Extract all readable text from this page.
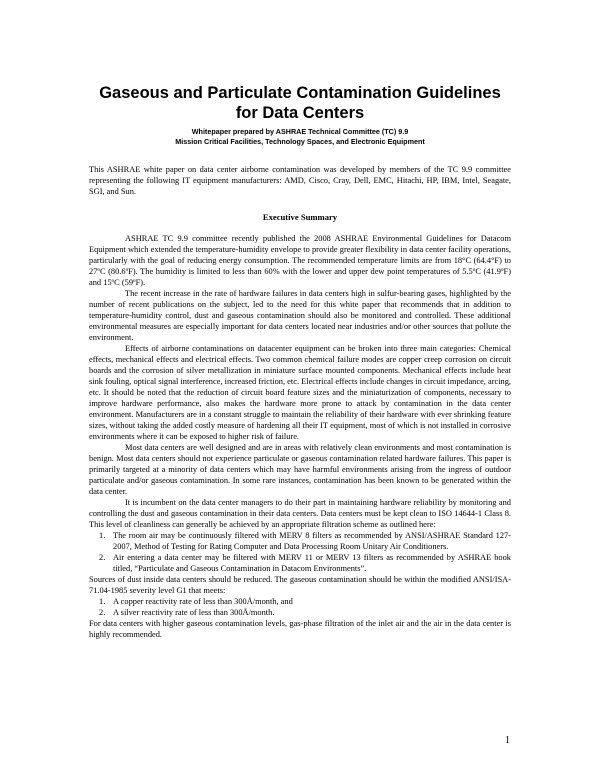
Gaseous and Particulate Contamination Guidelines
for Data Centers
Whitepaper prepared by ASHRAE Technical Committee (TC) 9.9
Mission Critical Facilities, Technology Spaces, and Electronic Equipment

This ASHRAE white paper on data center airborne contamination was developed by members of the TC 9.9 committee representing the following IT equipment manufacturers: AMD, Cisco, Cray, Dell, EMC, Hitachi, HP, IBM, Intel, Seagate, SGI, and Sun.

Executive Summary

ASHRAE TC 9.9 committee recently published the 2008 ASHRAE Environmental Guidelines for Datacom Equipment which extended the temperature-humidity envelope to provide greater flexibility in data center facility operations, particularly with the goal of reducing energy consumption. The recommended temperature limits are from 18°C (64.4°F) to 27ºC (80.6ºF). The humidity is limited to less than 60% with the lower and upper dew point temperatures of 5.5ºC (41.9ºF) and 15ºC (59ºF).

The recent increase in the rate of hardware failures in data centers high in sulfur-bearing gases, highlighted by the number of recent publications on the subject, led to the need for this white paper that recommends that in addition to temperature-humidity control, dust and gaseous contamination should also be monitored and controlled. These additional environmental measures are especially important for data centers located near industries and/or other sources that pollute the environment.

Effects of airborne contaminations on datacenter equipment can be broken into three main categories: Chemical effects, mechanical effects and electrical effects. Two common chemical failure modes are copper creep corrosion on circuit boards and the corrosion of silver metallization in miniature surface mounted components. Mechanical effects include heat sink fouling, optical signal interference, increased friction, etc. Electrical effects include changes in circuit impedance, arcing, etc. It should be noted that the reduction of circuit board feature sizes and the miniaturization of components, necessary to improve hardware performance, also makes the hardware more prone to attack by contamination in the data center environment. Manufacturers are in a constant struggle to maintain the reliability of their hardware with ever shrinking feature sizes, without taking the added costly measure of hardening all their IT equipment, most of which is not installed in corrosive environments where it can be exposed to higher risk of failure.

Most data centers are well designed and are in areas with relatively clean environments and most contamination is benign. Most data centers should not experience particulate or gaseous contamination related hardware failures. This paper is primarily targeted at a minority of data centers which may have harmful environments arising from the ingress of outdoor particulate and/or gaseous contamination. In some rare instances, contamination has been known to be generated within the data center.

It is incumbent on the data center managers to do their part in maintaining hardware reliability by monitoring and controlling the dust and gaseous contamination in their data centers. Data centers must be kept clean to ISO 14644-1 Class 8. This level of cleanliness can generally be achieved by an appropriate filtration scheme as outlined here:

1. The room air may be continuously filtered with MERV 8 filters as recommended by ANSI/ASHRAE Standard 127-2007, Method of Testing for Rating Computer and Data Processing Room Unitary Air Conditioners.
2. Air entering a data center may be filtered with MERV 11 or MERV 13 filters as recommended by ASHRAE book titled, “Particulate and Gaseous Contamination in Datacom Environments”.

Sources of dust inside data centers should be reduced. The gaseous contamination should be within the modified ANSI/ISA-71.04-1985 severity level G1 that meets:

1. A copper reactivity rate of less than 300Å/month, and
2. A silver reactivity rate of less than 300Å/month.

For data centers with higher gaseous contamination levels, gas-phase filtration of the inlet air and the air in the data center is highly recommended.

1
